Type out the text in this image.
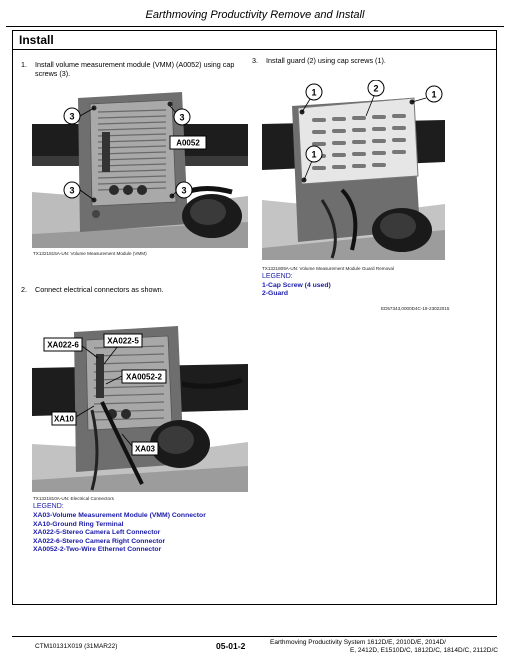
Earthmoving Productivity Remove and Install
Install
1. Install volume measurement module (VMM) (A0052) using cap screws (3).
3. Install guard (2) using cap screws (1).
3	3
3	3
A0052
TX1321815A-UN: Volume Measurement Module (VMM)
1	2
1
1
TX1321809A-UN: Volume Measurement Module Guard Removal
LEGEND:
1-Cap Screw (4 used)
2-Guard
ED57343,0000D4C-19-23022015
2. Connect electrical connectors as shown.
XA022-6	XA022-5
XA0052-2
XA10
XA03
TX1321810A-UN: Electrical Connectors
LEGEND:
XA03-Volume Measurement Module (VMM) Connector
XA10-Ground Ring Terminal
XA022-5-Stereo Camera Left Connector
XA022-6-Stereo Camera Right Connector
XA0052-2-Two-Wire Ethernet Connector
CTM10131X019 (31MAR22)	05-01-2	Earthmoving Productivity System 1612D/E, 2010D/E, 2014D/
E, 2412D, E1510D/C, 1812D/C, 1814D/C, 2112D/C
